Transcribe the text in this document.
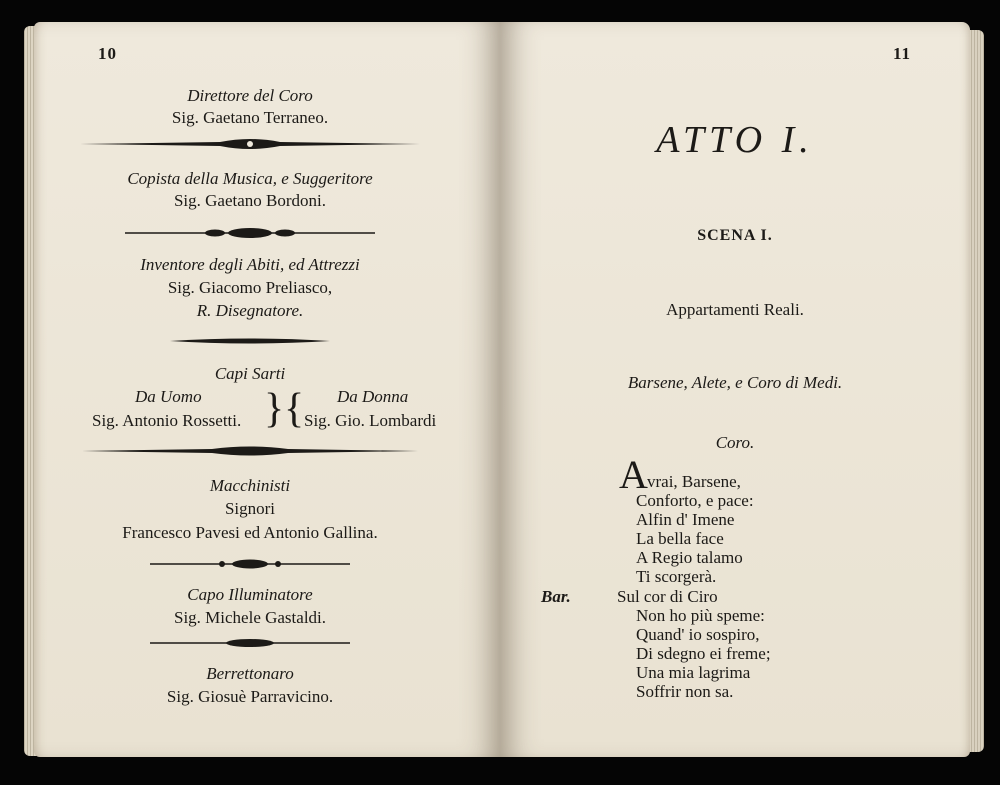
10
Direttore del Coro
Sig. Gaetano Terraneo.
Copista della Musica, e Suggeritore
Sig. Gaetano Bordoni.
Inventore degli Abiti, ed Attrezzi
Sig. Giacomo Preliasco,
R. Disegnatore.
Capi Sarti
Da Uomo
Sig. Antonio Rossetti. } { Da Donna
Sig. Gio. Lombardi
Macchinisti
Signori
Francesco Pavesi ed Antonio Gallina.
Capo Illuminatore
Sig. Michele Gastaldi.
Berrettonaro
Sig. Giosuè Parravicino.
11
ATTO I.
SCENA I.
Appartamenti Reali.
Barsene, Alete, e Coro di Medi.
Coro.
A vrai, Barsene,
Conforto, e pace:
Alfin d' Imene
La bella face
A Regio talamo
Ti scorgerà.
Bar.	Sul cor di Ciro
Non ho più speme:
Quand' io sospiro,
Di sdegno ei freme;
Una mia lagrima
Soffrir non sa.
